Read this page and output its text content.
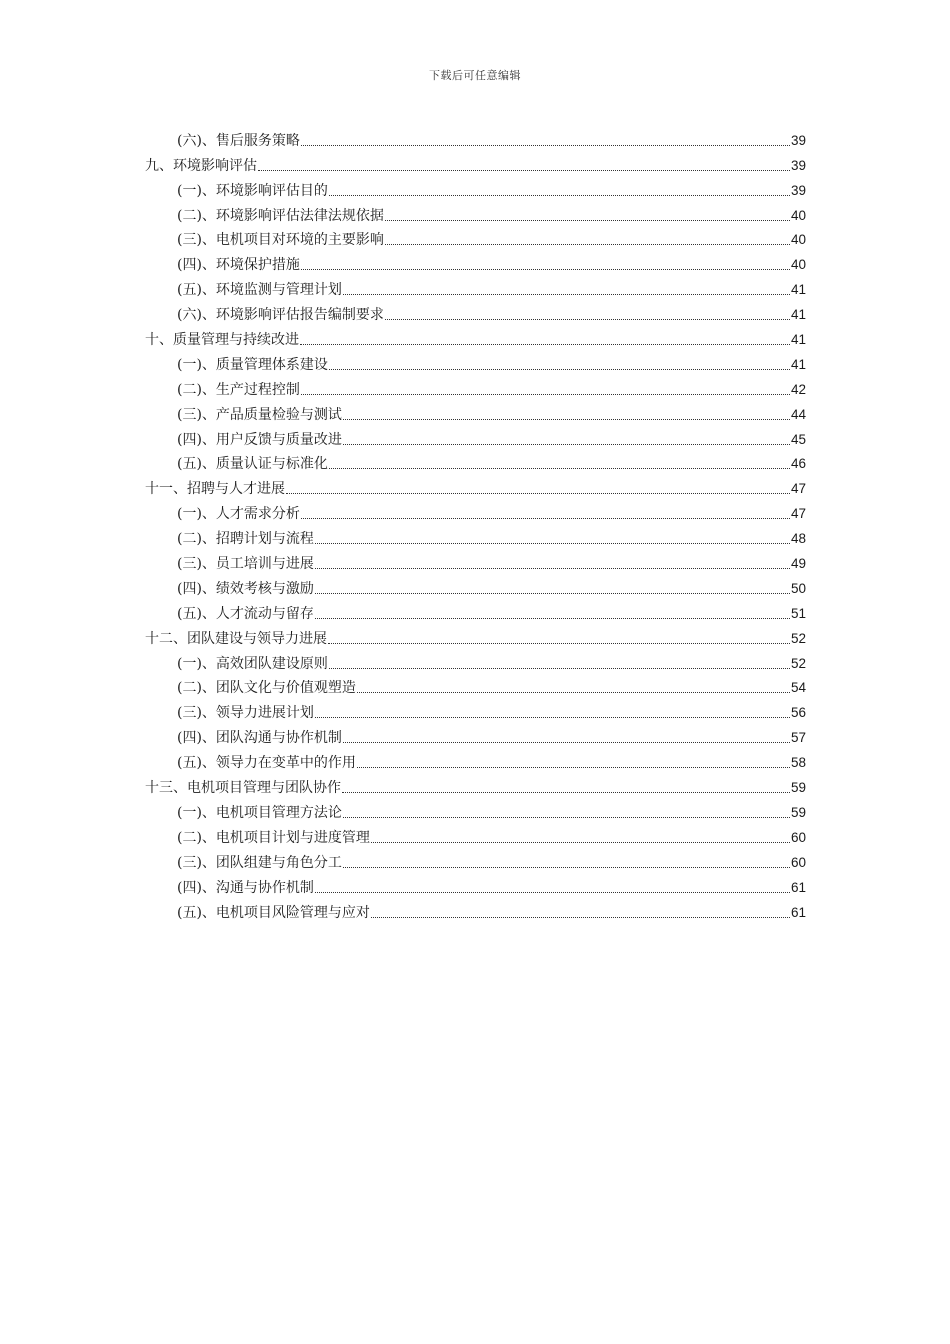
下载后可任意编辑
(六)、售后服务策略	39
九、环境影响评估	39
(一)、环境影响评估目的	39
(二)、环境影响评估法律法规依据	40
(三)、电机项目对环境的主要影响	40
(四)、环境保护措施	40
(五)、环境监测与管理计划	41
(六)、环境影响评估报告编制要求	41
十、质量管理与持续改进	41
(一)、质量管理体系建设	41
(二)、生产过程控制	42
(三)、产品质量检验与测试	44
(四)、用户反馈与质量改进	45
(五)、质量认证与标准化	46
十一、招聘与人才进展	47
(一)、人才需求分析	47
(二)、招聘计划与流程	48
(三)、员工培训与进展	49
(四)、绩效考核与激励	50
(五)、人才流动与留存	51
十二、团队建设与领导力进展	52
(一)、高效团队建设原则	52
(二)、团队文化与价值观塑造	54
(三)、领导力进展计划	56
(四)、团队沟通与协作机制	57
(五)、领导力在变革中的作用	58
十三、电机项目管理与团队协作	59
(一)、电机项目管理方法论	59
(二)、电机项目计划与进度管理	60
(三)、团队组建与角色分工	60
(四)、沟通与协作机制	61
(五)、电机项目风险管理与应对	61
